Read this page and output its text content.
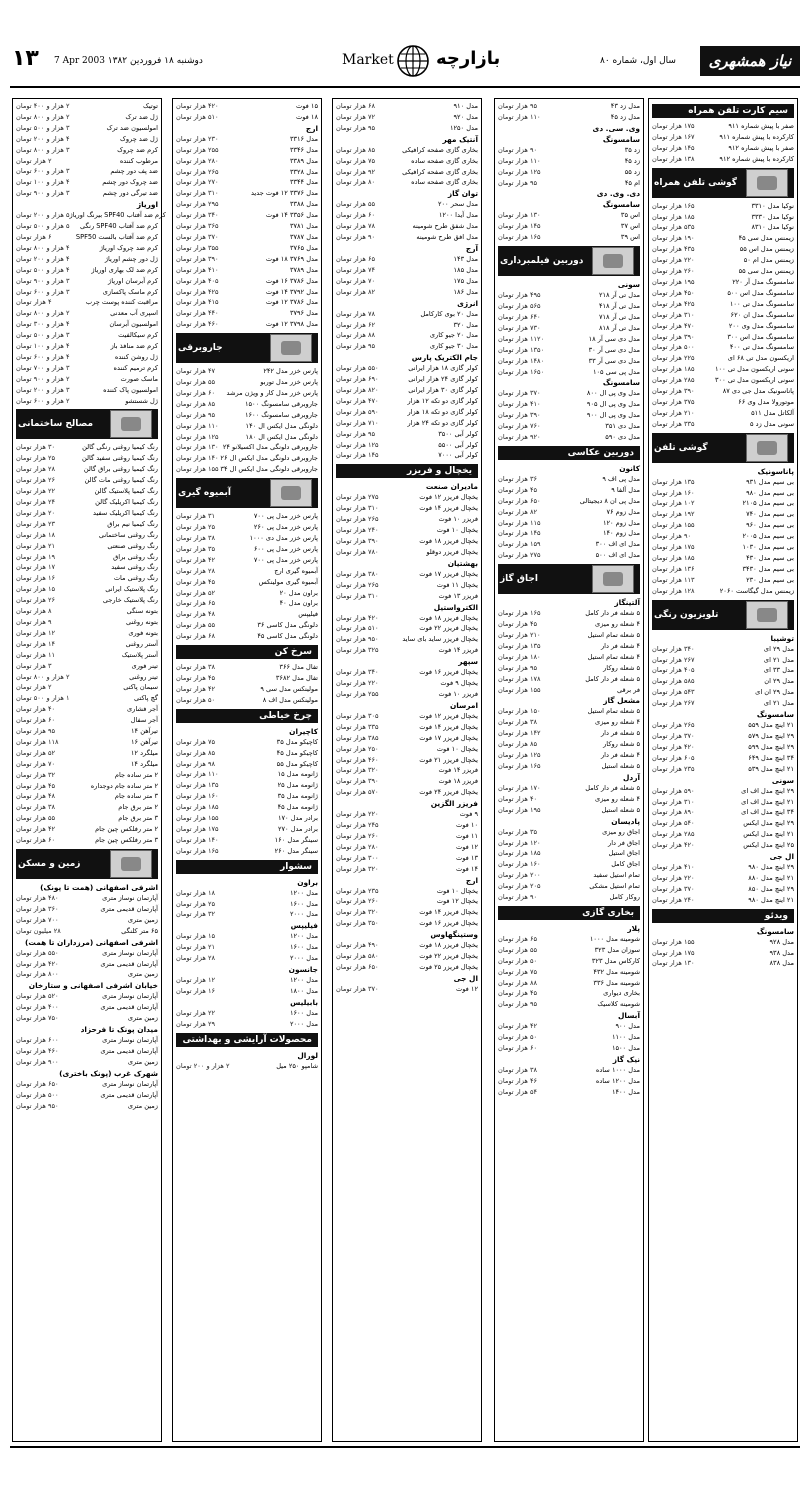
۱۳ 7 Apr 2003 دوشنبه ۱۸ فروردین ۱۳۸۲	Market بازارچه	سال اول، شماره ۸۰	نیاز همشهری
۲ هزار و ۴۰۰ تومان	توتیک
۲ هزار و ۸۰۰ تومان	ژل ضد ترک
۳ هزار و ۵۰۰ تومان	امولسیون ضد ترک
۴ هزار و ۲۰۰ تومان	ژل ضد چروک
۳ هزار و ۸۰۰ تومان	کرم ضد چروک
۲ هزار تومان	مرطوب کننده
۳ هزار و ۶۰۰ تومان	ضد پف دور چشم
۴ هزار و ۱۰۰ تومان	ضد چروک دور چشم
۳ هزار و ۹۰۰ تومان	ضد تیرگی دور چشم
اوریاژ
۵ هزار و ۲۰۰ تومان کرم ضد آفتاب SPF40 بیرنگ اوریاژ
۵ هزار و ۵۰۰ تومان کرم ضد آفتاب SPF40 رنگی
۶ هزار تومان	کرم ضد آفتاب بالست SPF50
۴ هزار و ۸۰۰ تومان	کرم ضد چروک اوریاژ
۴ هزار و ۲۰۰ تومان	ژل دور چشم اوریاژ
۴ هزار و ۵۰۰ تومان	کرم ضد لک بهاری اوریاژ
۳ هزار و ۹۰۰ تومان	کرم آبرسان اوریاژ
۳ هزار و ۶۰۰ تومان	کرم ماسک پاکسازی
۴ هزار تومان	مراقبت کننده پوست چرب
۲ هزار و ۸۰۰ تومان	اسپری آب معدنی
۴ هزار و ۳۰۰ تومان	امولسیون آبرسان
۳ هزار و ۵۰۰ تومان	کرم سیکالفیت
۴ هزار و ۱۰۰ تومان	کرم ضد منافذ باز
۴ هزار و ۶۰۰ تومان	ژل روشن کننده
۳ هزار و ۷۰۰ تومان	کرم ترمیم کننده
۲ هزار و ۹۰۰ تومان	ماسک صورت
۳ هزار و ۲۰۰ تومان	امولسیون پاک کننده
۲ هزار و ۶۰۰ تومان	ژل شستشو
مصالح ساختمانی
۳۰ هزار تومان	رنگ کیمیا روغنی رنگی گالن
۲۵ هزار تومان	رنگ کیمیا روغنی سفید گالن
۲۸ هزار تومان	رنگ کیمیا روغنی براق گالن
۲۶ هزار تومان	رنگ کیمیا روغنی مات گالن
۲۲ هزار تومان	رنگ کیمیا پلاستیک گالن
۲۴ هزار تومان	رنگ کیمیا اکریلیک گالن
۲۰ هزار تومان	رنگ کیمیا اکریلیک سفید
۲۳ هزار تومان	رنگ کیمیا نیم براق
۱۸ هزار تومان	رنگ روغنی ساختمانی
۲۱ هزار تومان	رنگ روغنی صنعتی
۱۹ هزار تومان	رنگ روغنی براق
۱۷ هزار تومان	رنگ روغنی سفید
۱۶ هزار تومان	رنگ روغنی مات
۱۵ هزار تومان	رنگ پلاستیک ایرانی
۲۶ هزار تومان	رنگ پلاستیک خارجی
۸ هزار تومان	بتونه سنگی
۹ هزار تومان	بتونه روغنی
۱۲ هزار تومان	بتونه فوری
۱۴ هزار تومان	آستر روغنی
۱۱ هزار تومان	آستر پلاستیک
۳ هزار تومان	تینر فوری
۲ هزار و ۸۰۰ تومان	تینر روغنی
۲ هزار تومان	سیمان پاکتی
۱ هزار و ۵۰۰ تومان	گچ پاکتی
۴۰ هزار تومان	آجر فشاری
۶۰ هزار تومان	آجر سفال
۹۵ هزار تومان	تیرآهن ۱۴
۱۱۸ هزار تومان	تیرآهن ۱۶
۵۲ هزار تومان	میلگرد ۱۲
۷۰ هزار تومان	میلگرد ۱۴
۳۲ هزار تومان	۲ متر ساده جام
۴۵ هزار تومان	۲ متر ساده جام دوجداره
۴۸ هزار تومان	۳ متر ساده جام
۳۸ هزار تومان	۲ متر برق جام
۵۵ هزار تومان	۳ متر برق جام
۴۲ هزار تومان	۲ متر رفلکس چین جام
۶۰ هزار تومان	۳ متر رفلکس چین جام
زمین و مسکن
اشرفی اصفهانی (همت تا پونک)
۴۸۰ هزار تومان	آپارتمان نوساز متری
۳۶۰ هزار تومان	آپارتمان قدیمی متری
۷۰۰ هزار تومان	زمین متری
۲۸ میلیون تومان	۶۵ متر کلنگی
اشرفی اصفهانی (مرزداران تا همت)
۵۵۰ هزار تومان	آپارتمان نوساز متری
۴۲۰ هزار تومان	آپارتمان قدیمی متری
۸۰۰ هزار تومان	زمین متری
خیابان اشرفی اصفهانی و ستارخان
۵۲۰ هزار تومان	آپارتمان نوساز متری
۴۰۰ هزار تومان	آپارتمان قدیمی متری
۷۵۰ هزار تومان	زمین متری
میدان پونک تا فرحزاد
۶۰۰ هزار تومان	آپارتمان نوساز متری
۴۶۰ هزار تومان	آپارتمان قدیمی متری
۹۰۰ هزار تومان	زمین متری
شهرک غرب (پونک باختری)
۶۵۰ هزار تومان	آپارتمان نوساز متری
۵۰۰ هزار تومان	آپارتمان قدیمی متری
۹۵۰ هزار تومان	زمین متری
۴۲۰ هزار تومان	۱۵ فوت
۵۱۰ هزار تومان	۱۸ فوت
ارج
۲۳۰ هزار تومان	مدل ۳۳۱۶
۲۵۵ هزار تومان	مدل ۳۳۴۶
۲۸۰ هزار تومان	مدل ۳۳۸۹
۲۶۵ هزار تومان	مدل ۳۳۲۸
۲۷۰ هزار تومان	مدل ۳۳۴۴
۳۱۰ هزار تومان	مدل ۳۳۷۶ ۱۲ فوت جدید
۲۹۵ هزار تومان	مدل ۳۳۸۸
۳۴۰ هزار تومان	مدل ۳۳۵۶ ۱۴ فوت
۳۶۵ هزار تومان	مدل ۳۷۸۱
۳۷۰ هزار تومان	مدل ۳۷۸۷
۳۵۵ هزار تومان	مدل ۳۷۶۵
۳۹۰ هزار تومان	مدل ۳۷۶۹ ۱۸ فوت
۴۱۰ هزار تومان	مدل ۳۷۸۹
۴۰۵ هزار تومان	مدل ۳۷۸۶ ۱۶ فوت
۴۲۵ هزار تومان	مدل ۳۷۹۲ ۱۴ فوت
۴۱۵ هزار تومان	مدل ۳۷۸۶ ۱۲ فوت
۴۴۰ هزار تومان	مدل ۳۷۹۶
۴۶۰ هزار تومان	مدل ۳۷۹۸ ۱۲ فوت
جاروبرقی
۴۷ هزار تومان	پارس خزر مدل ۲۴۲
۵۵ هزار تومان	پارس خزر مدل توربو
۶۰ هزار تومان پارس خزر مدل کار و ویژن مرشد
۸۵ هزار تومان	جاروبرقی سامسونگ ۱۵۰۰
۹۵ هزار تومان	جاروبرقی سامسونگ ۱۶۰۰
۱۱۰ هزار تومان	دلونگی مدل ایکس ال ۱۴۰
۱۲۵ هزار تومان	دلونگی مدل ایکس ال ۱۸۰
۱۳۰ هزار تومان جاروبرقی دلونگی مدل اکسیلانو ۲۴
۱۴۰ هزار تومان جاروبرقی دلونگی مدل ایکس ال ۲۶
۱۵۵ هزار تومان جاروبرقی دلونگی مدل ایکس ال ۳۴
آبمیوه گیری
۳۱ هزار تومان	پارس خزر مدل پی ۷۰۰
۲۵ هزار تومان	پارس خزر مدل پی ۲۶۰
۳۸ هزار تومان	پارس خزر مدل دی ۱۰۰۰
۳۵ هزار تومان	پارس خزر مدل پی ۶۰۰
۴۲ هزار تومان	پارس خزر مدل پی ۷۰۰
۲۸ هزار تومان	آبمیوه گیری ارج
۴۵ هزار تومان	آبمیوه گیری مولینکس
۵۲ هزار تومان	براون مدل ۲۰
۶۵ هزار تومان	براون مدل ۴۰
۴۸ هزار تومان	فیلیپس
۵۵ هزار تومان	دلونگی مدل کاسی ۳۶
۶۸ هزار تومان	دلونگی مدل کاسی ۴۵
سرخ کن
۳۸ هزار تومان	تفال مدل ۳۶۶
۴۵ هزار تومان	تفال مدل ۳۶۸۲
۴۲ هزار تومان	مولینکس مدل سی ۹
۵۰ هزار تومان	مولینکس مدل اف ۸
چرخ خیاطی
کاچیران
۷۵ هزار تومان	کاچیکو مدل ۳۵
۸۵ هزار تومان	کاچیکو مدل ۴۵
۹۸ هزار تومان	کاچیکو مدل ۵۵
۱۱۰ هزار تومان	ژانومه مدل ۱۵
۱۳۵ هزار تومان	ژانومه مدل ۲۵
۱۶۰ هزار تومان	ژانومه مدل ۳۵
۱۸۵ هزار تومان	ژانومه مدل ۴۵
۱۵۵ هزار تومان	برادر مدل ۱۷۰
۱۷۵ هزار تومان	برادر مدل ۲۷۰
۱۴۰ هزار تومان	سینگر مدل ۱۶۰
۱۶۵ هزار تومان	سینگر مدل ۲۶۰
سشوار
براون
۱۸ هزار تومان	مدل ۱۲۰۰
۲۵ هزار تومان	مدل ۱۶۰۰
۳۲ هزار تومان	مدل ۲۰۰۰
فیلیپس
۱۵ هزار تومان	مدل ۱۲۰۰
۲۱ هزار تومان	مدل ۱۶۰۰
۲۸ هزار تومان	مدل ۲۰۰۰
جانسون
۱۲ هزار تومان	مدل ۱۲۰۰
۱۶ هزار تومان	مدل ۱۸۰۰
بابیلیس
۲۲ هزار تومان	مدل ۱۶۰۰
۲۹ هزار تومان	مدل ۲۰۰۰
محصولات آرایشی و بهداشتی
لورال
۲ هزار و ۲۰۰ تومان	شامپو ۲۵۰ میل
۶۸ هزار تومان	مدل ۹۱۰
۷۲ هزار تومان	مدل ۹۲۰
۹۵ هزار تومان	مدل ۱۲۵۰
آنتیک مهر
۸۵ هزار تومان	بخاری گازی صفحه کرافیکی
۷۵ هزار تومان	بخاری گازی صفحه ساده
۹۲ هزار تومان	بخاری گازی صفحه کرافیکی
۸۰ هزار تومان	بخاری گازی صفحه ساده
توان گاز
۵۵ هزار تومان	مدل سحر ۲۰۰
۶۰ هزار تومان	مدل آیدا ۱۲۰۰
۷۸ هزار تومان	مدل شفق طرح شومینه
۹۰ هزار تومان	مدل افق طرح شومینه
آرج
۶۵ هزار تومان	مدل ۱۴۳
۷۴ هزار تومان	مدل ۱۸۵
۷۰ هزار تومان	مدل ۱۷۵
۸۲ هزار تومان	مدل ۱۸۶
انرژی
۷۸ هزار تومان	مدل ۲۰ بوی کارکامل
۶۲ هزار تومان	مدل ۳۲۰
۸۸ هزار تومان	مدل ۲۰ جیو کاری
۹۵ هزار تومان	مدل ۳۰ جیو کاری
جام الکتریک پارس
۵۵۰ هزار تومان	کولر گازی ۱۸ هزار ایرانی
۶۹۰ هزار تومان	کولر گازی ۲۴ هزار ایرانی
۸۲۰ هزار تومان	کولر گازی ۳۰ هزار ایرانی
۴۷۰ هزار تومان	کولر گازی دو تکه ۱۲ هزار
۵۹۰ هزار تومان	کولر گازی دو تکه ۱۸ هزار
۷۱۰ هزار تومان	کولر گازی دو تکه ۲۴ هزار
۹۵ هزار تومان	کولر آبی ۳۵۰۰
۱۲۵ هزار تومان	کولر آبی ۵۵۰۰
۱۴۵ هزار تومان	کولر آبی ۷۰۰۰
یخچال و فریزر
مادیران صنعت
۲۷۵ هزار تومان	یخچال فریزر ۱۲ فوت
۳۱۰ هزار تومان	یخچال فریزر ۱۴ فوت
۲۶۵ هزار تومان	فریزر ۱۰ فوت
۲۴۰ هزار تومان	یخچال ۱۰ فوت
۳۹۰ هزار تومان	یخچال فریزر ۱۸ فوت
۷۸۰ هزار تومان	یخچال فریزر دوقلو
بهشتیان
۳۸۰ هزار تومان	یخچال فریزر ۱۷ فوت
۲۶۵ هزار تومان	یخچال ۱۱ فوت
۳۱۰ هزار تومان	فریزر ۱۳ فوت
الکترواستیل
۴۲۰ هزار تومان	یخچال فریزر ۱۸ فوت
۵۱۰ هزار تومان	یخچال فریزر ۲۲ فوت
۹۵۰ هزار تومان	یخچال فریزر ساید بای ساید
۳۲۵ هزار تومان	فریزر ۱۴ فوت
سپهر
۳۴۰ هزار تومان	یخچال فریزر ۱۶ فوت
۲۲۰ هزار تومان	یخچال ۹ فوت
۲۵۵ هزار تومان	فریزر ۱۰ فوت
امرسان
۳۰۵ هزار تومان	یخچال فریزر ۱۲ فوت
۳۳۵ هزار تومان	یخچال فریزر ۱۴ فوت
۳۸۵ هزار تومان	یخچال فریزر ۱۷ فوت
۲۵۰ هزار تومان	یخچال ۱۰ فوت
۴۶۰ هزار تومان	یخچال فریزر ۲۱ فوت
۳۲۰ هزار تومان	فریزر ۱۴ فوت
۳۹۰ هزار تومان	فریزر ۱۸ فوت
۵۷۰ هزار تومان	یخچال فریزر ۲۴ فوت
فریزر الگزین
۲۲۰ هزار تومان	۹ فوت
۲۴۵ هزار تومان	۱۰ فوت
۲۶۰ هزار تومان	۱۱ فوت
۲۸۰ هزار تومان	۱۲ فوت
۳۰۰ هزار تومان	۱۳ فوت
۳۲۰ هزار تومان	۱۴ فوت
ارج
۲۳۵ هزار تومان	یخچال ۱۰ فوت
۲۶۰ هزار تومان	یخچال ۱۲ فوت
۳۲۰ هزار تومان	یخچال فریزر ۱۴ فوت
۳۵۰ هزار تومان	یخچال فریزر ۱۶ فوت
وستینگهاوس
۴۹۰ هزار تومان	یخچال فریزر ۱۸ فوت
۵۸۰ هزار تومان	یخچال فریزر ۲۲ فوت
۶۵۰ هزار تومان	یخچال فریزر ۲۵ فوت
ال جی
۳۷۰ هزار تومان	۱۲ فوت
۹۵ هزار تومان	مدل زد ۴۳
۱۱۰ هزار تومان	مدل زد ۴۵
وی. سی. دی
سامسونگ
۹۰ هزار تومان	زد ۳۵
۱۱۰ هزار تومان	زد ۴۵
۱۲۵ هزار تومان	زد ۵۵
۹۵ هزار تومان	ام ۴۵
دی. وی. دی
سامسونگ
۱۳۰ هزار تومان	اس ۳۵
۱۴۵ هزار تومان	اس ۳۷
۱۶۵ هزار تومان	اس ۳۹
دوربین فیلمبرداری
سونی
۴۹۵ هزار تومان	مدل تی آر ۲۱۸
۵۶۵ هزار تومان	مدل تی آر ۴۱۸
۶۴۰ هزار تومان	مدل تی آر ۷۱۸
۷۳۰ هزار تومان	مدل تی آر ۸۱۸
۱۱۲۰ هزار تومان	مدل دی سی آر ۱۸
۱۳۵۰ هزار تومان	مدل دی سی آر ۳۰
۱۴۸۰ هزار تومان	مدل دی سی آر ۳۳
۱۶۵۰ هزار تومان	مدل پی سی ۱۰۵
سامسونگ
۳۷۰ هزار تومان	مدل وی پی ال ۸۰۰
۴۱۰ هزار تومان	مدل وی پی ال ۹۰۵
۳۹۰ هزار تومان	مدل وی پی ال ۹۰۰
۷۶۰ هزار تومان	مدل دی ۳۵۱
۹۲۰ هزار تومان	مدل دی ۵۹۰
دوربین عکاسی
کانون
۳۶ هزار تومان	مدل پی اف ۹
۴۵ هزار تومان	مدل آلفا ۹
۶۵۰ هزار تومان	مدل پی ان ۸ دیجیتالی
۸۲ هزار تومان	مدل زوم ۷۶
۱۱۵ هزار تومان	مدل زوم ۱۲۰
۱۴۵ هزار تومان	مدل زوم ۱۴۰
۱۵۹ هزار تومان	مدل ای اف ۳۰۰
۲۷۵ هزار تومان	مدل ای اف ۵۰۰
اجاق گاز
آلتینگاز
۱۶۵ هزار تومان	۵ شعله فر دار کامل
۴۵ هزار تومان	۴ شعله رو میزی
۲۱۰ هزار تومان	۵ شعله تمام استیل
۱۳۵ هزار تومان	۴ شعله فر دار
۱۸۰ هزار تومان	۴ شعله تمام استیل
۹۵ هزار تومان	۵ شعله روکار
۱۷۸ هزار تومان	۵ شعله فر دار کامل
۱۵۵ هزار تومان	فر برقی
مشعل گاز
۱۵۰ هزار تومان	۵ شعله تمام استیل
۳۸ هزار تومان	۴ شعله رو میزی
۱۴۲ هزار تومان	۵ شعله فر دار
۸۵ هزار تومان	۵ شعله روکار
۱۲۵ هزار تومان	۴ شعله فر دار
۱۶۵ هزار تومان	۵ شعله استیل
آردل
۱۷۰ هزار تومان	۵ شعله فر دار کامل
۴۰ هزار تومان	۴ شعله رو میزی
۱۹۵ هزار تومان	۵ شعله استیل
پادیسان
۳۵ هزار تومان	اجاق رو میزی
۱۲۰ هزار تومان	اجاق فر دار
۱۸۵ هزار تومان	اجاق استیل
۱۶۰ هزار تومان	اجاق کامل
۲۰۰ هزار تومان	تمام استیل سفید
۲۰۵ هزار تومان	تمام استیل مشکی
۹۰ هزار تومان	روکار کامل
بخاری گازی
پلار
۶۵ هزار تومان	شومینه مدل ۱۰۰۰
۵۵ هزار تومان	سوزان مدل ۳۲۳
۵۰ هزار تومان	کارکاس مدل ۳۲۳
۷۵ هزار تومان	شومینه مدل ۴۳۲
۸۸ هزار تومان	شومینه مدل ۳۳۶
۴۵ هزار تومان	بخاری دیواری
۹۵ هزار تومان	شومینه کلاسیک
آبسال
۴۲ هزار تومان	مدل ۹۰۰
۵۰ هزار تومان	مدل ۱۱۰۰
۶۰ هزار تومان	مدل ۱۵۰۰
نیک گاز
۳۸ هزار تومان	مدل ۱۰۰۰ ساده
۴۶ هزار تومان	مدل ۱۲۰۰ ساده
۵۴ هزار تومان	مدل ۱۴۰۰
سیم کارت تلفن همراه
۱۷۵ هزار تومان	صفر با پیش شماره ۹۱۱
۱۶۷ هزار تومان	کارکرده با پیش شماره ۹۱۱
۱۴۵ هزار تومان	صفر با پیش شماره ۹۱۲
۱۳۸ هزار تومان	کارکرده با پیش شماره ۹۱۲
گوشی تلفن همراه
۱۶۵ هزار تومان	نوکیا مدل ۳۳۱۰
۱۸۵ هزار تومان	نوکیا مدل ۳۳۳۰
۵۳۵ هزار تومان	نوکیا مدل ۸۳۱۰
۱۹۰ هزار تومان	زیمنس مدل سی ۴۵
۴۳۵ هزار تومان	زیمنس مدل اس ۵۵
۲۲۰ هزار تومان	زیمنس مدل ام ۵۰
۲۶۰ هزار تومان	زیمنس مدل سی ۵۵
۱۹۵ هزار تومان	سامسونگ مدل آر ۲۲۰
۴۵۰ هزار تومان	سامسونگ مدل اس ۵۰۰
۴۲۵ هزار تومان	سامسونگ مدل تی ۱۰۰
۳۱۰ هزار تومان	سامسونگ مدل ان ۶۲۰
۴۷۰ هزار تومان	سامسونگ مدل وی ۲۰۰
۳۹۰ هزار تومان	سامسونگ مدل اس ۳۰۰
۵۰۰ هزار تومان	سامسونگ مدل تی ۴۰۰
۲۲۵ هزار تومان	اریکسون مدل تی ۶۸ ای
۱۸۵ هزار تومان	سونی اریکسون مدل تی ۱۰۰
۲۸۵ هزار تومان	سونی اریکسون مدل تی ۳۰۰
۳۹۰ هزار تومان	پاناسونیک مدل جی دی ۸۷
۳۷۵ هزار تومان	موتورولا مدل وی ۶۶
۲۱۰ هزار تومان	آلکاتل مدل ۵۱۱
۳۳۵ هزار تومان	سونی مدل زد ۵
گوشی تلفن
پاناسونیک
۱۳۵ هزار تومان	بی سیم مدل ۹۳۱
۱۶۰ هزار تومان	بی سیم مدل ۹۸۰
۱۰۲ هزار تومان	بی سیم مدل ۲۱۰۵
۱۹۲ هزار تومان	بی سیم مدل ۷۴۰
۱۵۵ هزار تومان	بی سیم مدل ۹۶۰
۹۰ هزار تومان	بی سیم مدل ۲۰۰۵
۱۷۵ هزار تومان	بی سیم مدل ۱۰۳۰
۱۸۵ هزار تومان	بی سیم مدل ۴۳۰
۱۳۶ هزار تومان	بی سیم مدل ۳۴۳۰
۱۱۳ هزار تومان	بی سیم مدل ۲۳۰
۱۲۸ هزار تومان	زیمنس مدل گیگاست ۲۰۶۰
تلویزیون رنگی
توشیبا
۳۴۰ هزار تومان	مدل ۲۹ ای
۲۶۷ هزار تومان	مدل ۲۱ ای
۴۰۵ هزار تومان	مدل ۳۳ ای
۵۸۵ هزار تومان	مدل ۲۹ ان
۵۴۳ هزار تومان	مدل ۲۹ ان ای
۲۶۷ هزار تومان	مدل ۲۱ ای
سامسونگ
۲۶۵ هزار تومان	۲۱ اینچ مدل ۵۵۹
۳۷۰ هزار تومان	۲۹ اینچ مدل ۵۷۹
۴۲۰ هزار تومان	۲۹ اینچ مدل ۵۹۹
۶۰۵ هزار تومان	۳۴ اینچ مدل ۶۴۹
۲۳۵ هزار تومان	۲۱ اینچ مدل ۵۳۹
سونی
۵۹۰ هزار تومان	۲۹ اینچ مدل اف ای
۳۱۰ هزار تومان	۲۱ اینچ مدل اف ای
۸۹۰ هزار تومان	۳۴ اینچ مدل اف ای
۵۴۰ هزار تومان	۲۹ اینچ مدل ایکس
۲۸۵ هزار تومان	۲۱ اینچ مدل ایکس
۴۲۰ هزار تومان	۲۵ اینچ مدل ایکس
ال جی
۴۱۰ هزار تومان	۲۹ اینچ مدل ۹۸۰
۲۲۰ هزار تومان	۲۱ اینچ مدل ۸۸۰
۳۷۰ هزار تومان	۲۹ اینچ مدل ۸۵۰
۲۴۰ هزار تومان	۲۱ اینچ مدل ۹۸۰
ویدئو
سامسونگ
۱۵۵ هزار تومان	مدل ۹۲۸
۱۷۵ هزار تومان	مدل ۹۳۸
۱۳۰ هزار تومان	مدل ۸۳۸
